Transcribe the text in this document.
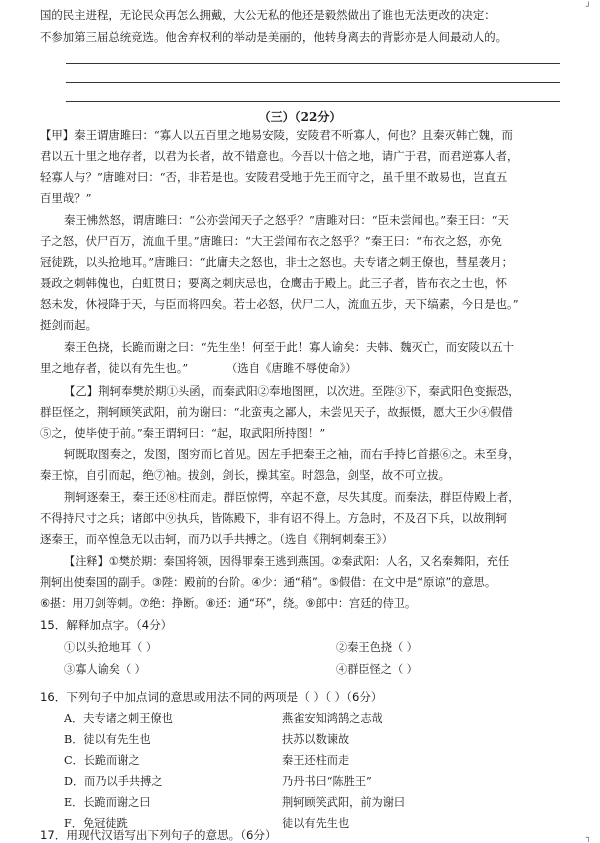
国的民主进程，无论民众再怎么拥戴，大公无私的他还是毅然做出了谁也无法更改的决定：
不参加第三届总统竞选。他舍弃权利的举动是美丽的，他转身离去的背影亦是人间最动人的。
（三）（22分）
【甲】秦王谓唐雎曰：“寡人以五百里之地易安陵，安陵君不听寡人，何也？且秦灭韩亡魏，而
君以五十里之地存者，以君为长者，故不错意也。今吾以十倍之地，请广于君，而君逆寡人者，
轻寡人与？”唐雎对曰：“否，非若是也。安陵君受地于先王而守之，虽千里不敢易也，岂直五
百里哉？”
秦王怫然怒，谓唐雎曰：“公亦尝闻天子之怒乎？”唐雎对曰：“臣未尝闻也。”秦王曰：“天
子之怒，伏尸百万，流血千里。”唐雎曰：“大王尝闻布衣之怒乎？”秦王曰：“布衣之怒，亦免
冠徒跣，以头抢地耳。”唐雎曰：“此庸夫之怒也，非士之怒也。夫专诸之刺王僚也，彗星袭月；
聂政之刺韩傀也，白虹贯日；要离之刺庆忌也，仓鹰击于殿上。此三子者，皆布衣之士也，怀
怒未发，休祲降于天，与臣而将四矣。若士必怒，伏尸二人，流血五步，天下缟素，今日是也。”
挺剑而起。
秦王色挠，长跪而谢之曰：“先生坐！何至于此！寡人谕矣：夫韩、魏灭亡，而安陵以五十
里之地存者，徒以有先生也。”	（选自《唐雎不辱使命》）
【乙】荆轲奉樊於期①头函，而秦武阳②奉地图匣，以次进。至陛③下，秦武阳色变振恐，
群臣怪之，荆轲顾笑武阳，前为谢曰：“北蛮夷之鄙人，未尝见天子，故振慑，愿大王少④假借
⑤之，使毕使于前。”秦王谓轲曰：“起，取武阳所持图！”
轲既取图奏之，发图，图穷而匕首见。因左手把秦王之袖，而右手持匕首揕⑥之。未至身，
秦王惊，自引而起，绝⑦袖。拔剑，剑长，操其室。时怨急，剑坚，故不可立拔。
荆轲逐秦王，秦王还⑧柱而走。群臣惊愕，卒起不意，尽失其度。而秦法，群臣侍殿上者，
不得持尺寸之兵；诸郎中⑨执兵，皆陈殿下，非有诏不得上。方急时，不及召下兵，以故荆轲
逐秦王，而卒惶急无以击轲，而乃以手共搏之。（选自《荆轲刺秦王》）
【注释】①樊於期：秦国将领，因得罪秦王逃到燕国。②秦武阳：人名，又名秦舞阳，充任
荆轲出使秦国的副手。③陛：殿前的台阶。④少：通“稍”。⑤假借：在文中是“原谅”的意思。
⑥揕：用刀剑等刺。⑦绝：挣断。⑧还：通“环”，绕。⑨郎中：宫廷的侍卫。
15．解释加点字。（4分）
①以头抢地耳（ ）	②秦王色挠（ ）
③寡人谕矣（ ）	④群臣怪之（ ）
16．下列句子中加点词的意思或用法不同的两项是（ ）（ ）（6分）
A．夫专诸之刺王僚也	燕雀安知鸿鹄之志哉
B．徒以有先生也	扶苏以数谏故
C．长跪而谢之	秦王还柱而走
D．而乃以手共搏之	乃丹书曰“陈胜王”
E．长跪而谢之曰	荆轲顾笑武阳，前为谢曰
F．免冠徒跣	徒以有先生也
17．用现代汉语写出下列句子的意思。（6分）
┘
┐
